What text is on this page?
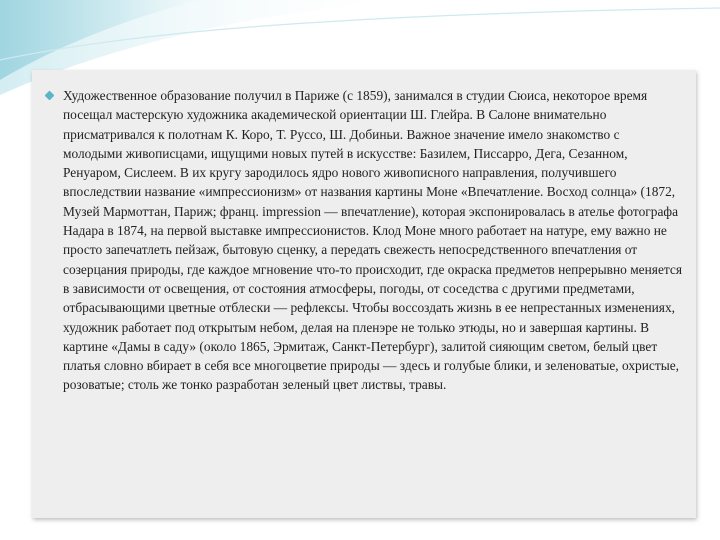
Художественное образование получил в Париже (с 1859), занимался в студии Сюиса, некоторое время посещал мастерскую художника академической ориентации Ш. Глейра. В Салоне внимательно присматривался к полотнам К. Коро, Т. Руссо, Ш. Добиньи. Важное значение имело знакомство с молодыми живописцами, ищущими новых путей в искусстве: Базилем, Писсарро, Дега, Сезанном, Ренуаром, Сислеем. В их кругу зародилось ядро нового живописного направления, получившего впоследствии название «импрессионизм» от названия картины Моне «Впечатление. Восход солнца» (1872, Музей Мармоттан, Париж; франц. impression — впечатление), которая экспонировалась в ателье фотографа Надара в 1874, на первой выставке импрессионистов. Клод Моне много работает на натуре, ему важно не просто запечатлеть пейзаж, бытовую сценку, а передать свежесть непосредственного впечатления от созерцания природы, где каждое мгновение что-то происходит, где окраска предметов непрерывно меняется в зависимости от освещения, от состояния атмосферы, погоды, от соседства с другими предметами, отбрасывающими цветные отблески — рефлексы. Чтобы воссоздать жизнь в ее непрестанных изменениях, художник работает под открытым небом, делая на пленэре не только этюды, но и завершая картины. В картине «Дамы в саду» (около 1865, Эрмитаж, Санкт-Петербург), залитой сияющим светом, белый цвет платья словно вбирает в себя все многоцветие природы — здесь и голубые блики, и зеленоватые, охристые, розоватые; столь же тонко разработан зеленый цвет листвы, травы.
